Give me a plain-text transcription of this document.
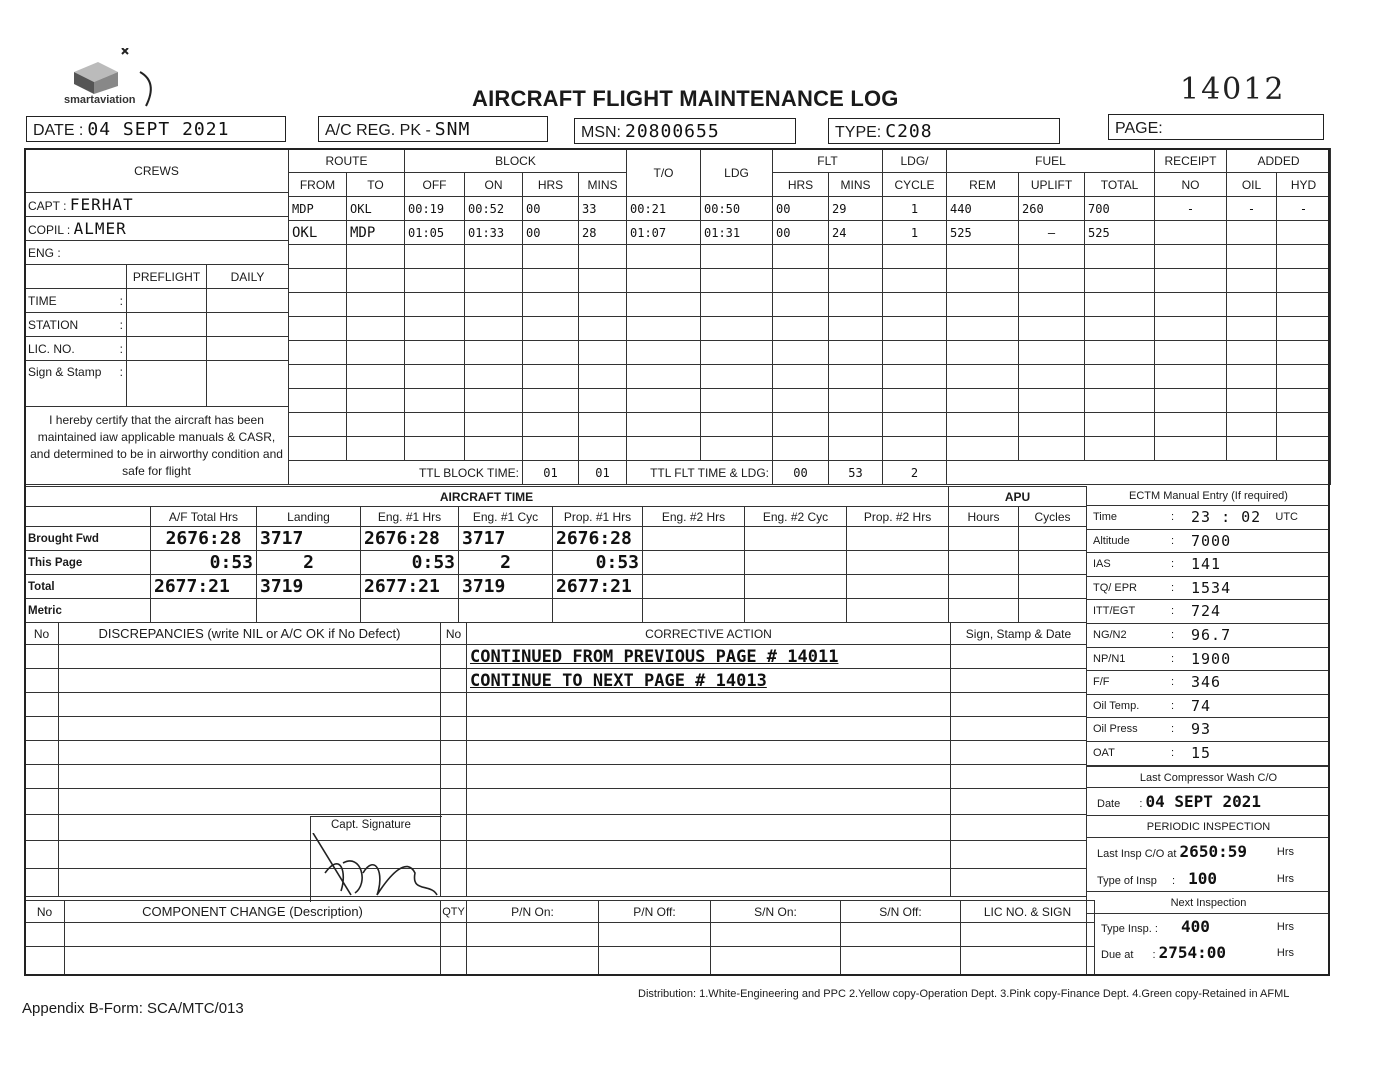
smartaviation	AIRCRAFT FLIGHT MAINTENANCE LOG	14012
DATE : 04 SEPT 2021	A/C REG. PK - SNM	MSN: 20800655	TYPE: C208	PAGE:
CREWS		
CAPT : FERHAT		
COPIL : ALMER		
ENG :		
	PREFLIGHT	DAILY
TIME :		

STATION :		

LIC. NO. :		

Sign & Stamp :		

I hereby certify that the aircraft has been maintained iaw applicable manuals & CASR, and determined to be in airworthy condition and safe for flight		
ROUTE		BLOCK				T/O	LDG	FLT		LDG/	FUEL			RECEIPT	ADDED	
FROM	TO	OFF	ON	HRS	MINS			HRS	MINS	CYCLE	REM	UPLIFT	TOTAL	NO	OIL	HYD
MDP	OKL	00:19	00:52	00	33	00:21	00:50	00	29	1	440	260	700	-	-	-
OKL	MDP	01:05	01:33	00	28	01:07	01:31	00	24	1	525	–	525			

TTL BLOCK TIME:				01	01	TTL FLT TIME & LDG:		00	53	2						
AIRCRAFT TIME								
	A/F Total Hrs	Landing	Eng. #1 Hrs	Eng. #1 Cyc	Prop. #1 Hrs	Eng. #2 Hrs	Eng. #2 Cyc	Prop. #2 Hrs
Brought Fwd	2676:28	3717	2676:28	3717	2676:28			
This Page	0:53	2	0:53	2	0:53			
Total	2677:21	3719	2677:21	3719	2677:21			
Metric								
APU	
Hours	Cycles

ECTM Manual Entry (If required)
Time	: 23 : 02 UTC
Altitude	: 7000
IAS	: 141
TQ/ EPR	: 1534
ITT/EGT	: 724
NG/N2	: 96.7
NP/N1	: 1900
F/F	: 346
Oil Temp.	: 74
Oil Press	: 93
OAT	: 15
Last Compressor Wash C/O
Date : 04 SEPT 2021
PERIODIC INSPECTION
Last Insp C/O at 2650:59	Hrs
Type of Insp : 100	Hrs
Next Inspection
Type Insp. : 400	Hrs
Due at : 2754:00	Hrs
No	DISCREPANCIES (write NIL or A/C OK if No Defect)	No	CORRECTIVE ACTION	Sign, Stamp & Date
			CONTINUED FROM PREVIOUS PAGE # 14011	
			CONTINUE TO NEXT PAGE # 14013	

Capt. Signature
No	COMPONENT CHANGE (Description)	QTY	P/N On:	P/N Off:	S/N On:	S/N Off:	LIC NO. & SIGN

Appendix B-Form: SCA/MTC/013
Distribution: 1.White-Engineering and PPC 2.Yellow copy-Operation Dept. 3.Pink copy-Finance Dept. 4.Green copy-Retained in AFML
